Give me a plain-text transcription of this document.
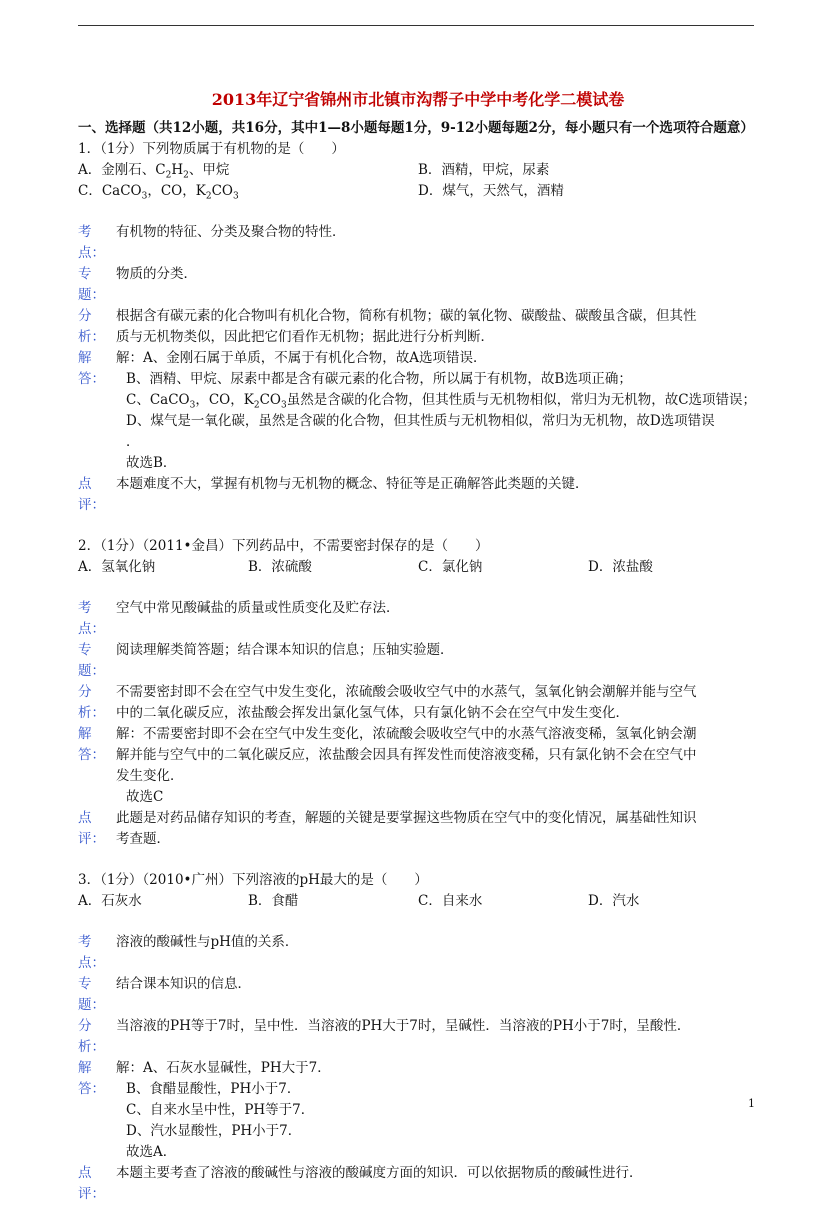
2013年辽宁省锦州市北镇市沟帮子中学中考化学二模试卷

一、选择题（共12小题，共16分，其中1—8小题每题1分，9-12小题每题2分，每小题只有一个选项符合题意）

1．（1分）下列物质属于有机物的是（　　）

A．金刚石、$C_2H_2$、甲烷	B．酒精，甲烷，尿素
C．CaCO$_3$，CO，$K_2CO_3$	D．煤气，天然气，酒精
考点：

有机物的特征、分类及聚合物的特性．

专题：

物质的分类．

分析：

根据含有碳元素的化合物叫有机化合物，简称有机物；碳的氧化物、碳酸盐、碳酸虽含碳，但其性

质与无机物类似，因此把它们看作无机物；据此进行分析判断．

解答：

解：A、金刚石属于单质，不属于有机化合物，故A选项错误．

B、酒精、甲烷、尿素中都是含有碳元素的化合物，所以属于有机物，故B选项正确；

C、CaCO$_3$，CO，$K_2CO_3$虽然是含碳的化合物，但其性质与无机物相似，常归为无机物，故C选项错误；

D、煤气是一氧化碳，虽然是含碳的化合物，但其性质与无机物相似，常归为无机物，故D选项错误

．

故选B．

点评：

本题难度不大，掌握有机物与无机物的概念、特征等是正确解答此类题的关键．

2．（1分）（2011•金昌）下列药品中，不需要密封保存的是（　　）

A．氢氧化钠	B．浓硫酸	C．氯化钠	D．浓盐酸
考点：

空气中常见酸碱盐的质量或性质变化及贮存法．

专题：

阅读理解类简答题；结合课本知识的信息；压轴实验题．

分析：

不需要密封即不会在空气中发生变化，浓硫酸会吸收空气中的水蒸气，氢氧化钠会潮解并能与空气

中的二氧化碳反应，浓盐酸会挥发出氯化氢气体，只有氯化钠不会在空气中发生变化．

解答：

解：不需要密封即不会在空气中发生变化，浓硫酸会吸收空气中的水蒸气溶液变稀，氢氧化钠会潮

解并能与空气中的二氧化碳反应，浓盐酸会因具有挥发性而使溶液变稀，只有氯化钠不会在空气中

发生变化．

故选C

点评：

此题是对药品储存知识的考查，解题的关键是要掌握这些物质在空气中的变化情况，属基础性知识

考查题．

3．（1分）（2010•广州）下列溶液的pH最大的是（　　）

A．石灰水	B．食醋	C．自来水	D．汽水
考点：

溶液的酸碱性与pH值的关系．

专题：

结合课本知识的信息．

分析：

当溶液的PH等于7时，呈中性．当溶液的PH大于7时，呈碱性．当溶液的PH小于7时，呈酸性．

解答：

解：A、石灰水显碱性，PH大于7．

B、食醋显酸性，PH小于7．

C、自来水呈中性，PH等于7．

D、汽水显酸性，PH小于7．

故选A．

点评：

本题主要考查了溶液的酸碱性与溶液的酸碱度方面的知识．可以依据物质的酸碱性进行．

1
